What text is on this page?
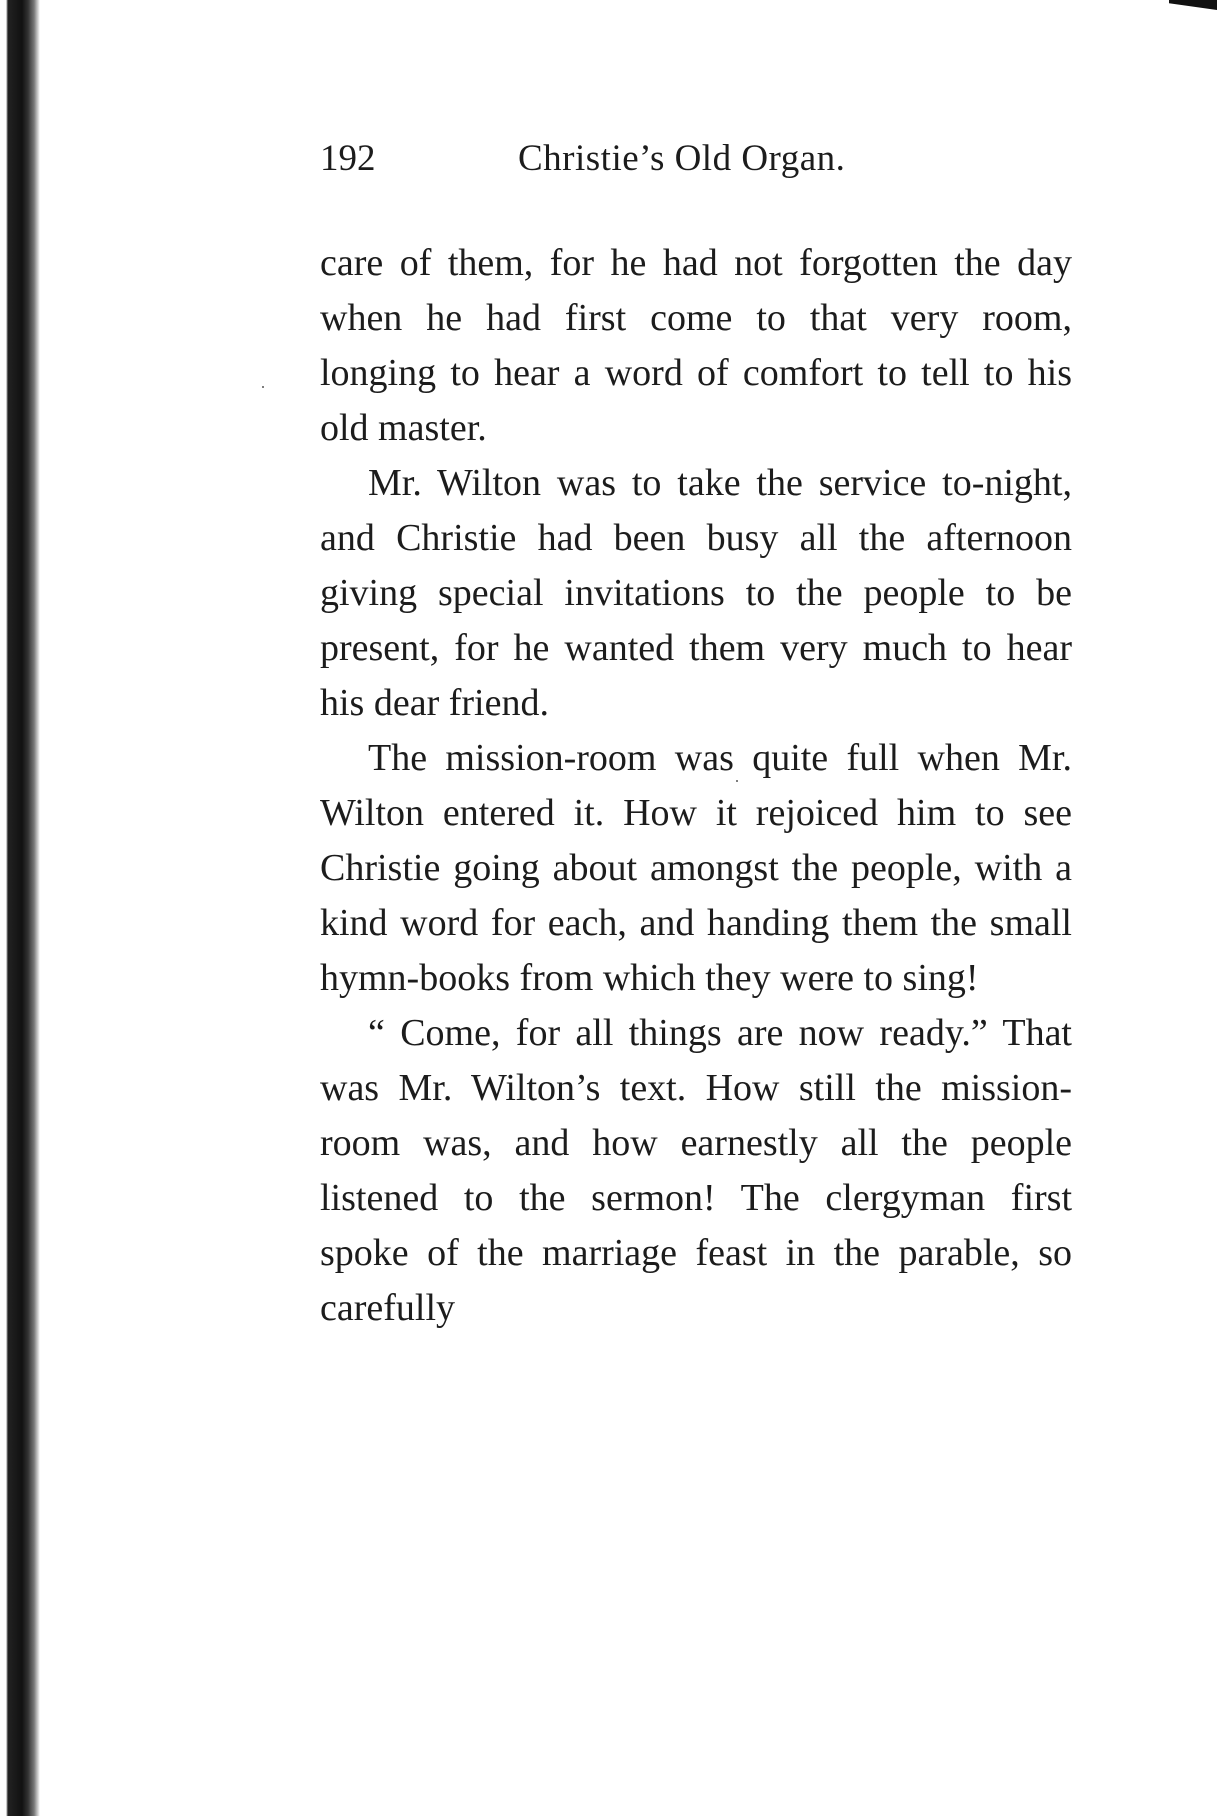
192	Christie’s Old Organ.

care of them, for he had not forgotten the day when he had first come to that very room, longing to hear a word of comfort to tell to his old master.

Mr. Wilton was to take the service to-night, and Christie had been busy all the afternoon giving special invitations to the people to be present, for he wanted them very much to hear his dear friend.

The mission-room was quite full when Mr. Wilton entered it. How it rejoiced him to see Christie going about amongst the people, with a kind word for each, and handing them the small hymn-books from which they were to sing!

“ Come, for all things are now ready.” That was Mr. Wilton’s text. How still the mission-room was, and how earnestly all the people listened to the sermon! The clergyman first spoke of the marriage feast in the parable, so carefully
